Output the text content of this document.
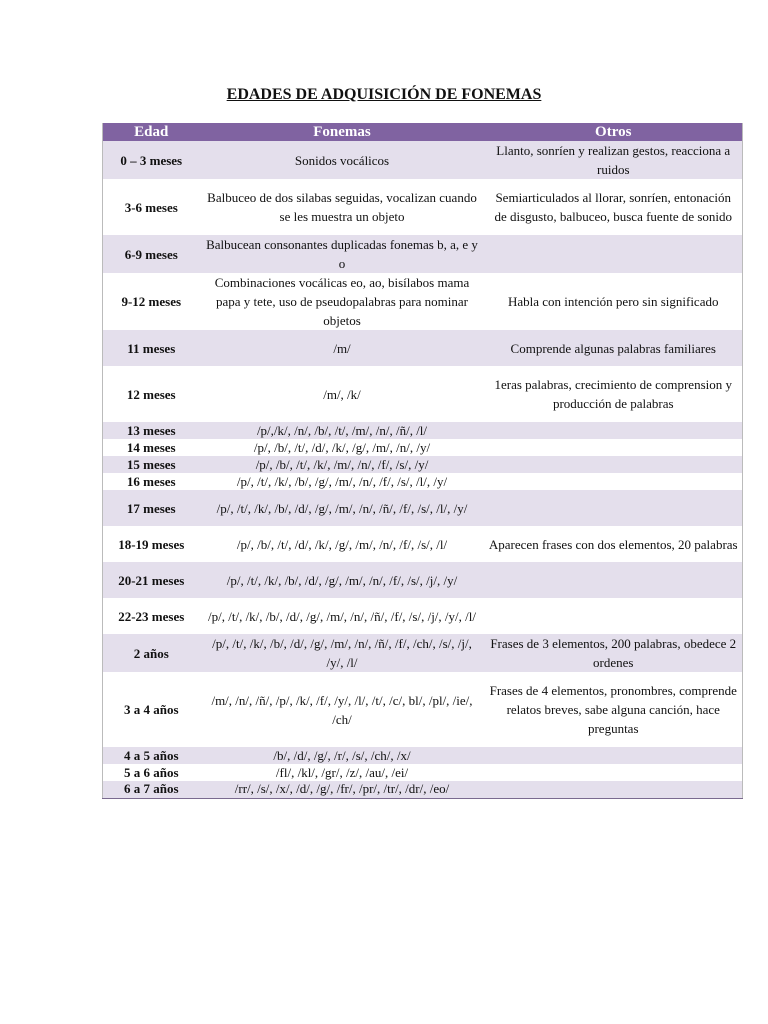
EDADES DE ADQUISICIÓN DE FONEMAS
Edad	Fonemas	Otros
0 – 3 meses	Sonidos vocálicos	Llanto, sonríen y realizan gestos, reacciona a ruidos
3-6 meses	Balbuceo de dos silabas seguidas, vocalizan cuando se les muestra un objeto	Semiarticulados al llorar, sonríen, entonación de disgusto, balbuceo, busca fuente de sonido
6-9 meses	Balbucean consonantes duplicadas fonemas b, a, e y o	
9-12 meses	Combinaciones vocálicas eo, ao, bisílabos mama papa y tete, uso de pseudopalabras para nominar objetos	Habla con intención pero sin significado
11 meses	/m/	Comprende algunas palabras familiares
12 meses	/m/, /k/	1eras palabras, crecimiento de comprension y producción de palabras
13 meses	/p/,/k/, /n/, /b/, /t/, /m/, /n/, /ñ/, /l/	
14 meses	/p/, /b/, /t/, /d/, /k/, /g/, /m/, /n/, /y/	
15 meses	/p/, /b/, /t/, /k/, /m/, /n/, /f/, /s/, /y/	
16 meses	/p/, /t/, /k/, /b/, /g/, /m/, /n/, /f/, /s/, /l/, /y/	
17 meses	/p/, /t/, /k/, /b/, /d/, /g/, /m/, /n/, /ñ/, /f/, /s/, /l/, /y/	
18-19 meses	/p/, /b/, /t/, /d/, /k/, /g/, /m/, /n/, /f/, /s/, /l/	Aparecen frases con dos elementos, 20 palabras
20-21 meses	/p/, /t/, /k/, /b/, /d/, /g/, /m/, /n/, /f/, /s/, /j/, /y/	
22-23 meses	/p/, /t/, /k/, /b/, /d/, /g/, /m/, /n/, /ñ/, /f/, /s/, /j/, /y/, /l/	
2 años	/p/, /t/, /k/, /b/, /d/, /g/, /m/, /n/, /ñ/, /f/, /ch/, /s/, /j/, /y/, /l/	Frases de 3 elementos, 200 palabras, obedece 2 ordenes
3 a 4 años	/m/, /n/, /ñ/, /p/, /k/, /f/, /y/, /l/, /t/, /c/, bl/, /pl/, /ie/, /ch/	Frases de 4 elementos, pronombres, comprende relatos breves, sabe alguna canción, hace preguntas
4 a 5 años	/b/, /d/, /g/, /r/, /s/, /ch/, /x/	
5 a 6 años	/fl/, /kl/, /gr/, /z/, /au/, /ei/	
6 a 7 años	/rr/, /s/, /x/, /d/, /g/, /fr/, /pr/, /tr/, /dr/, /eo/	
